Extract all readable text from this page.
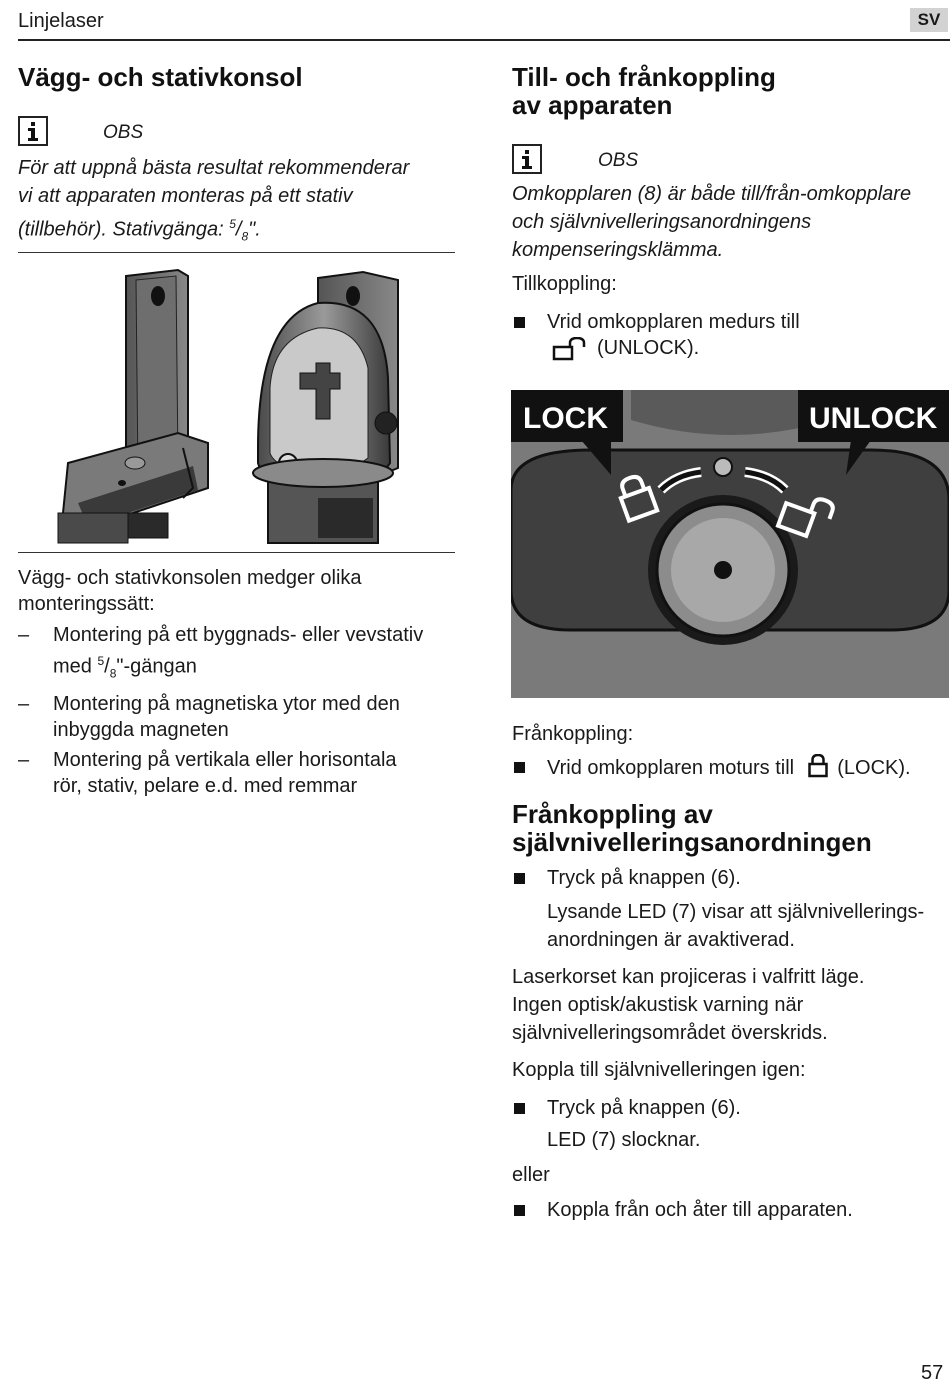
Linjelaser	SV
Vägg- och stativkonsol
OBS
För att uppnå bästa resultat rekommenderar
vi att apparaten monteras på ett stativ
(tillbehör). Stativgänga: $^5/_8$".
Vägg- och stativkonsolen medger olika
monteringssätt:
– Montering på ett byggnads- eller vevstativ
med $^5/_8$"-gängan
– Montering på magnetiska ytor med den
inbyggda magneten
– Montering på vertikala eller horisontala
rör, stativ, pelare e.d. med remmar
Till- och frånkoppling
av apparaten
OBS
Omkopplaren (8) är både till/från-omkopplare
och självnivelleringsanordningens
kompenseringsklämma.
Tillkoppling:
Vrid omkopplaren medurs till
(UNLOCK).
LOCK	UNLOCK
Frånkoppling:
Vrid omkopplaren moturs till (LOCK).
Frånkoppling av
självnivelleringsanordningen
Tryck på knappen (6).
Lysande LED (7) visar att självnivellerings-
anordningen är avaktiverad.
Laserkorset kan projiceras i valfritt läge.
Ingen optisk/akustisk varning när
självnivelleringsområdet överskrids.
Koppla till självnivelleringen igen:
Tryck på knappen (6).
LED (7) slocknar.
eller
Koppla från och åter till apparaten.
57
